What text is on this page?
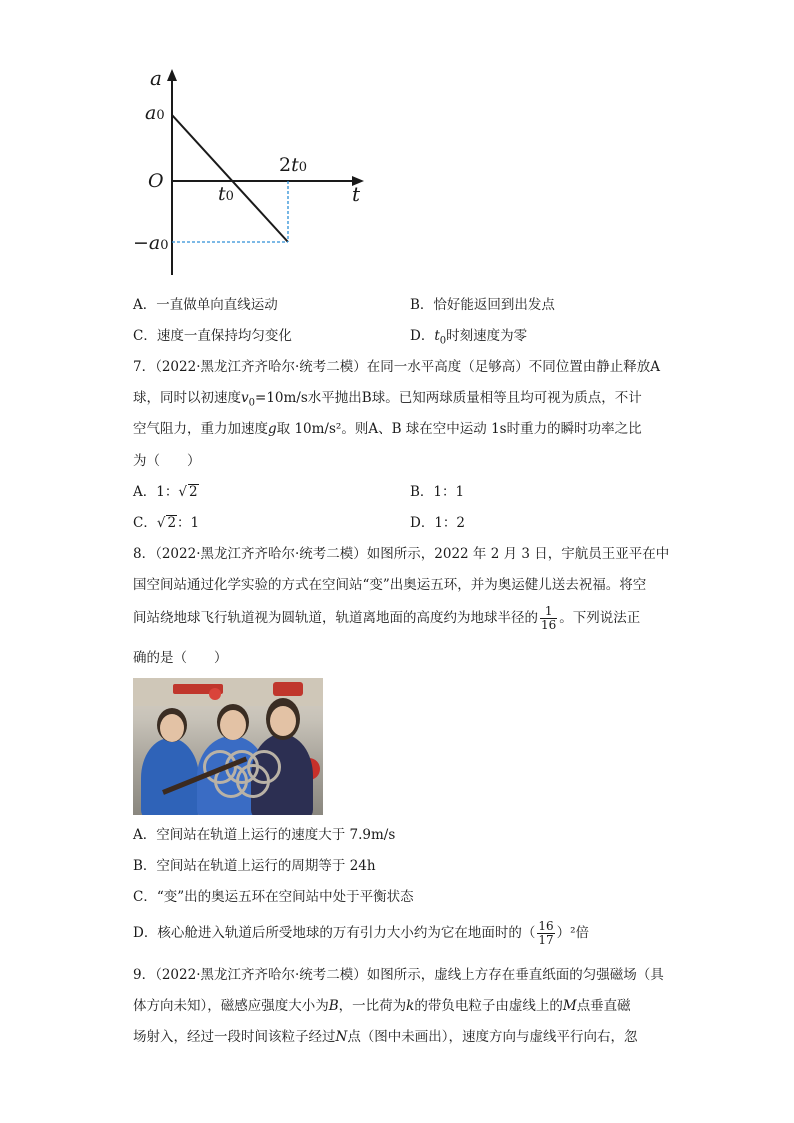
a
a0
O
t
t0
2t0
−a0
A．一直做单向直线运动	B．恰好能返回到出发点
C．速度一直保持均匀变化	D．$t_0$时刻速度为零
7．（2022·黑龙江齐齐哈尔·统考二模）在同一水平高度（足够高）不同位置由静止释放A
球，同时以初速度$v_0=10m/s$水平抛出B球。已知两球质量相等且均可视为质点，不计
空气阻力，重力加速度g取 10m/s²。则A、B 球在空中运动 1s时重力的瞬时功率之比
为（　　）
A．1：√ 2	B．1：1
C．√ 2：1	D．1：2
8．（2022·黑龙江齐齐哈尔·统考二模）如图所示，2022 年 2 月 3 日，宇航员王亚平在中
国空间站通过化学实验的方式在空间站“变”出奥运五环，并为奥运健儿送去祝福。将空
间站绕地球飞行轨道视为圆轨道，轨道离地面的高度约为地球半径的 $\frac{1}{16}$ 。下列说法正
确的是（　　）
A．空间站在轨道上运行的速度大于 7.9m/s
B．空间站在轨道上运行的周期等于 24h
C．“变”出的奥运五环在空间站中处于平衡状态
D．核心舱进入轨道后所受地球的万有引力大小约为它在地面时的（ $\frac{16}{17} )^2$倍
9．（2022·黑龙江齐齐哈尔·统考二模）如图所示，虚线上方存在垂直纸面的匀强磁场（具
体方向未知），磁感应强度大小为B，一比荷为k的带负电粒子由虚线上的M点垂直磁
场射入，经过一段时间该粒子经过N点（图中未画出），速度方向与虚线平行向右，忽
